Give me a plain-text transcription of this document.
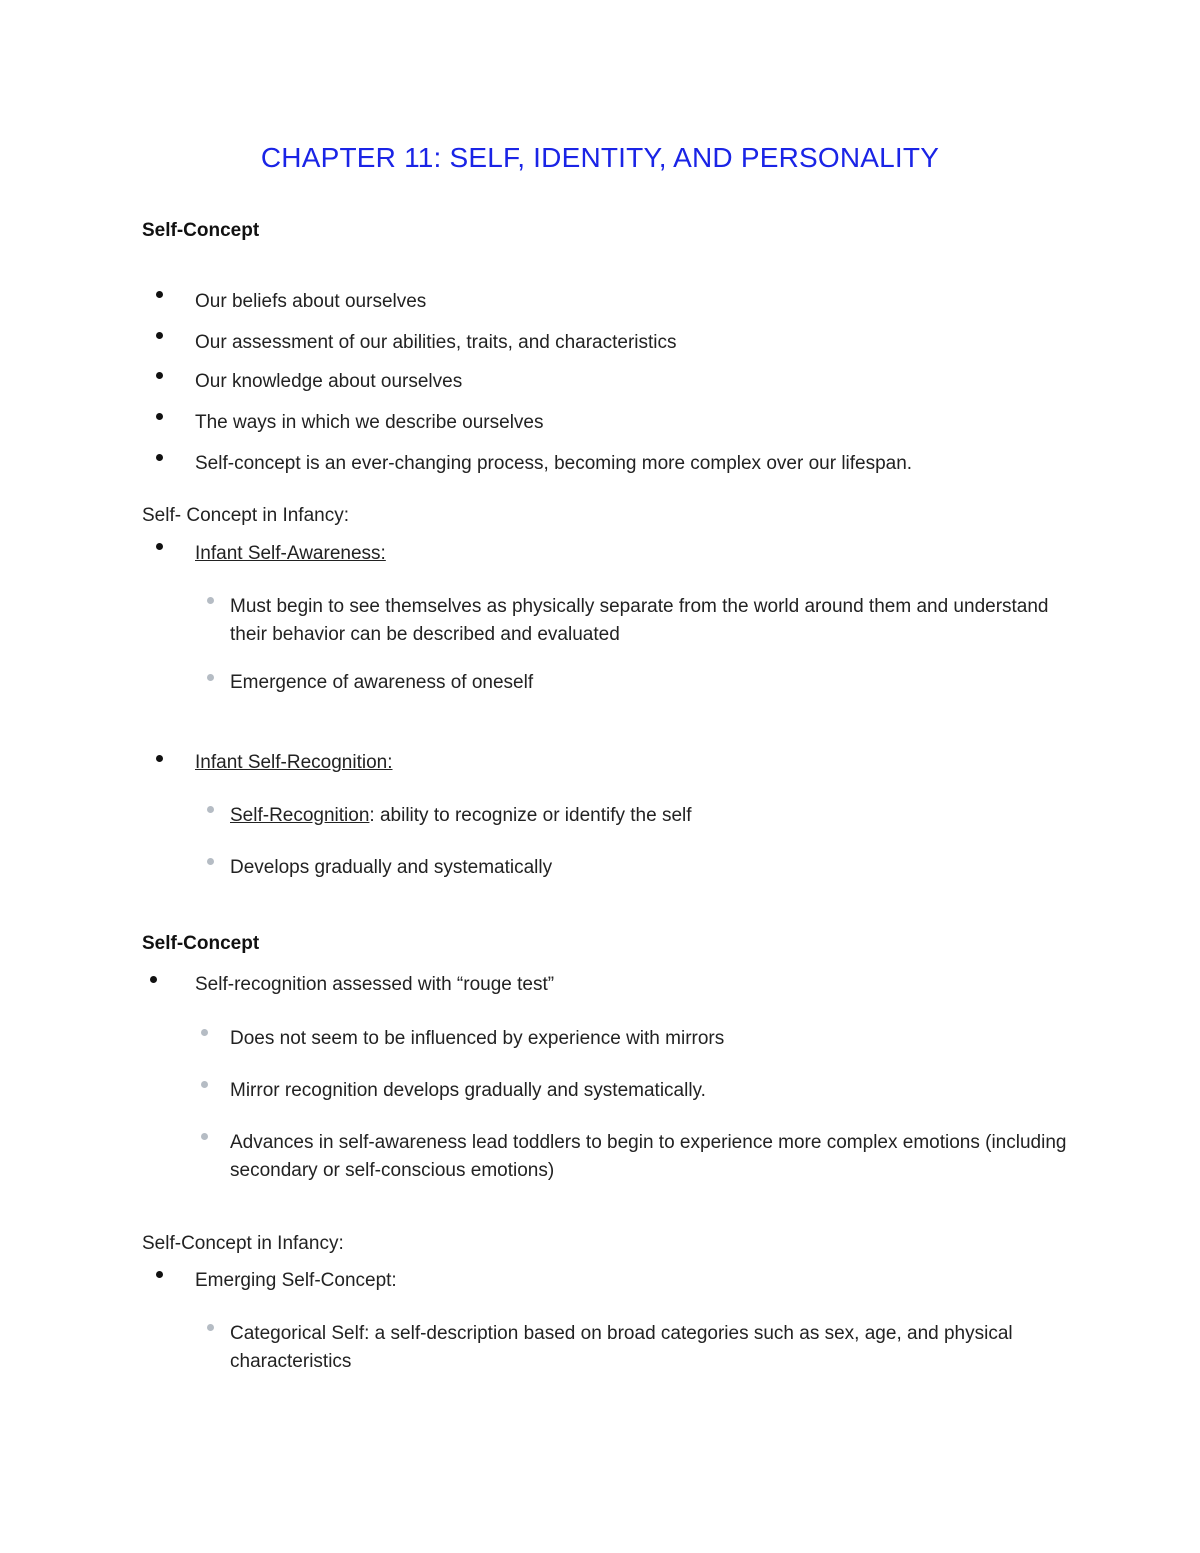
CHAPTER 11: SELF, IDENTITY, AND PERSONALITY
Self-Concept
Our beliefs about ourselves
Our assessment of our abilities, traits, and characteristics
Our knowledge about ourselves
The ways in which we describe ourselves
Self-concept is an ever-changing process, becoming more complex over our lifespan.
Self- Concept in Infancy:
Infant Self-Awareness:
Must begin to see themselves as physically separate from the world around them and understand their behavior can be described and evaluated
Emergence of awareness of oneself
Infant Self-Recognition:
Self-Recognition: ability to recognize or identify the self
Develops gradually and systematically
Self-Concept
Self-recognition assessed with “rouge test”
Does not seem to be influenced by experience with mirrors
Mirror recognition develops gradually and systematically.
Advances in self-awareness lead toddlers to begin to experience more complex emotions (including secondary or self-conscious emotions)
Self-Concept in Infancy:
Emerging Self-Concept:
Categorical Self: a self-description based on broad categories such as sex, age, and physical characteristics
